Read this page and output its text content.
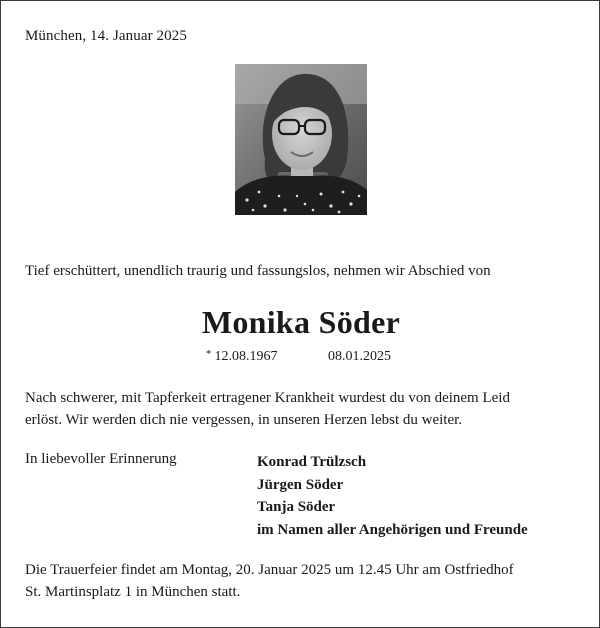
München, 14. Januar 2025
Tief erschüttert, unendlich traurig und fassungslos, nehmen wir Abschied von
Monika Söder
* 12.08.1967	08.01.2025

Nach schwerer, mit Tapferkeit ertragener Krankheit wurdest du von deinem Leid

erlöst. Wir werden dich nie vergessen, in unseren Herzen lebst du weiter.

In liebevoller Erinnerung	Konrad Trülzsch
Jürgen Söder
Tanja Söder
im Namen aller Angehörigen und Freunde

Die Trauerfeier findet am Montag, 20. Januar 2025 um 12.45 Uhr am Ostfriedhof

St. Martinsplatz 1 in München statt.
